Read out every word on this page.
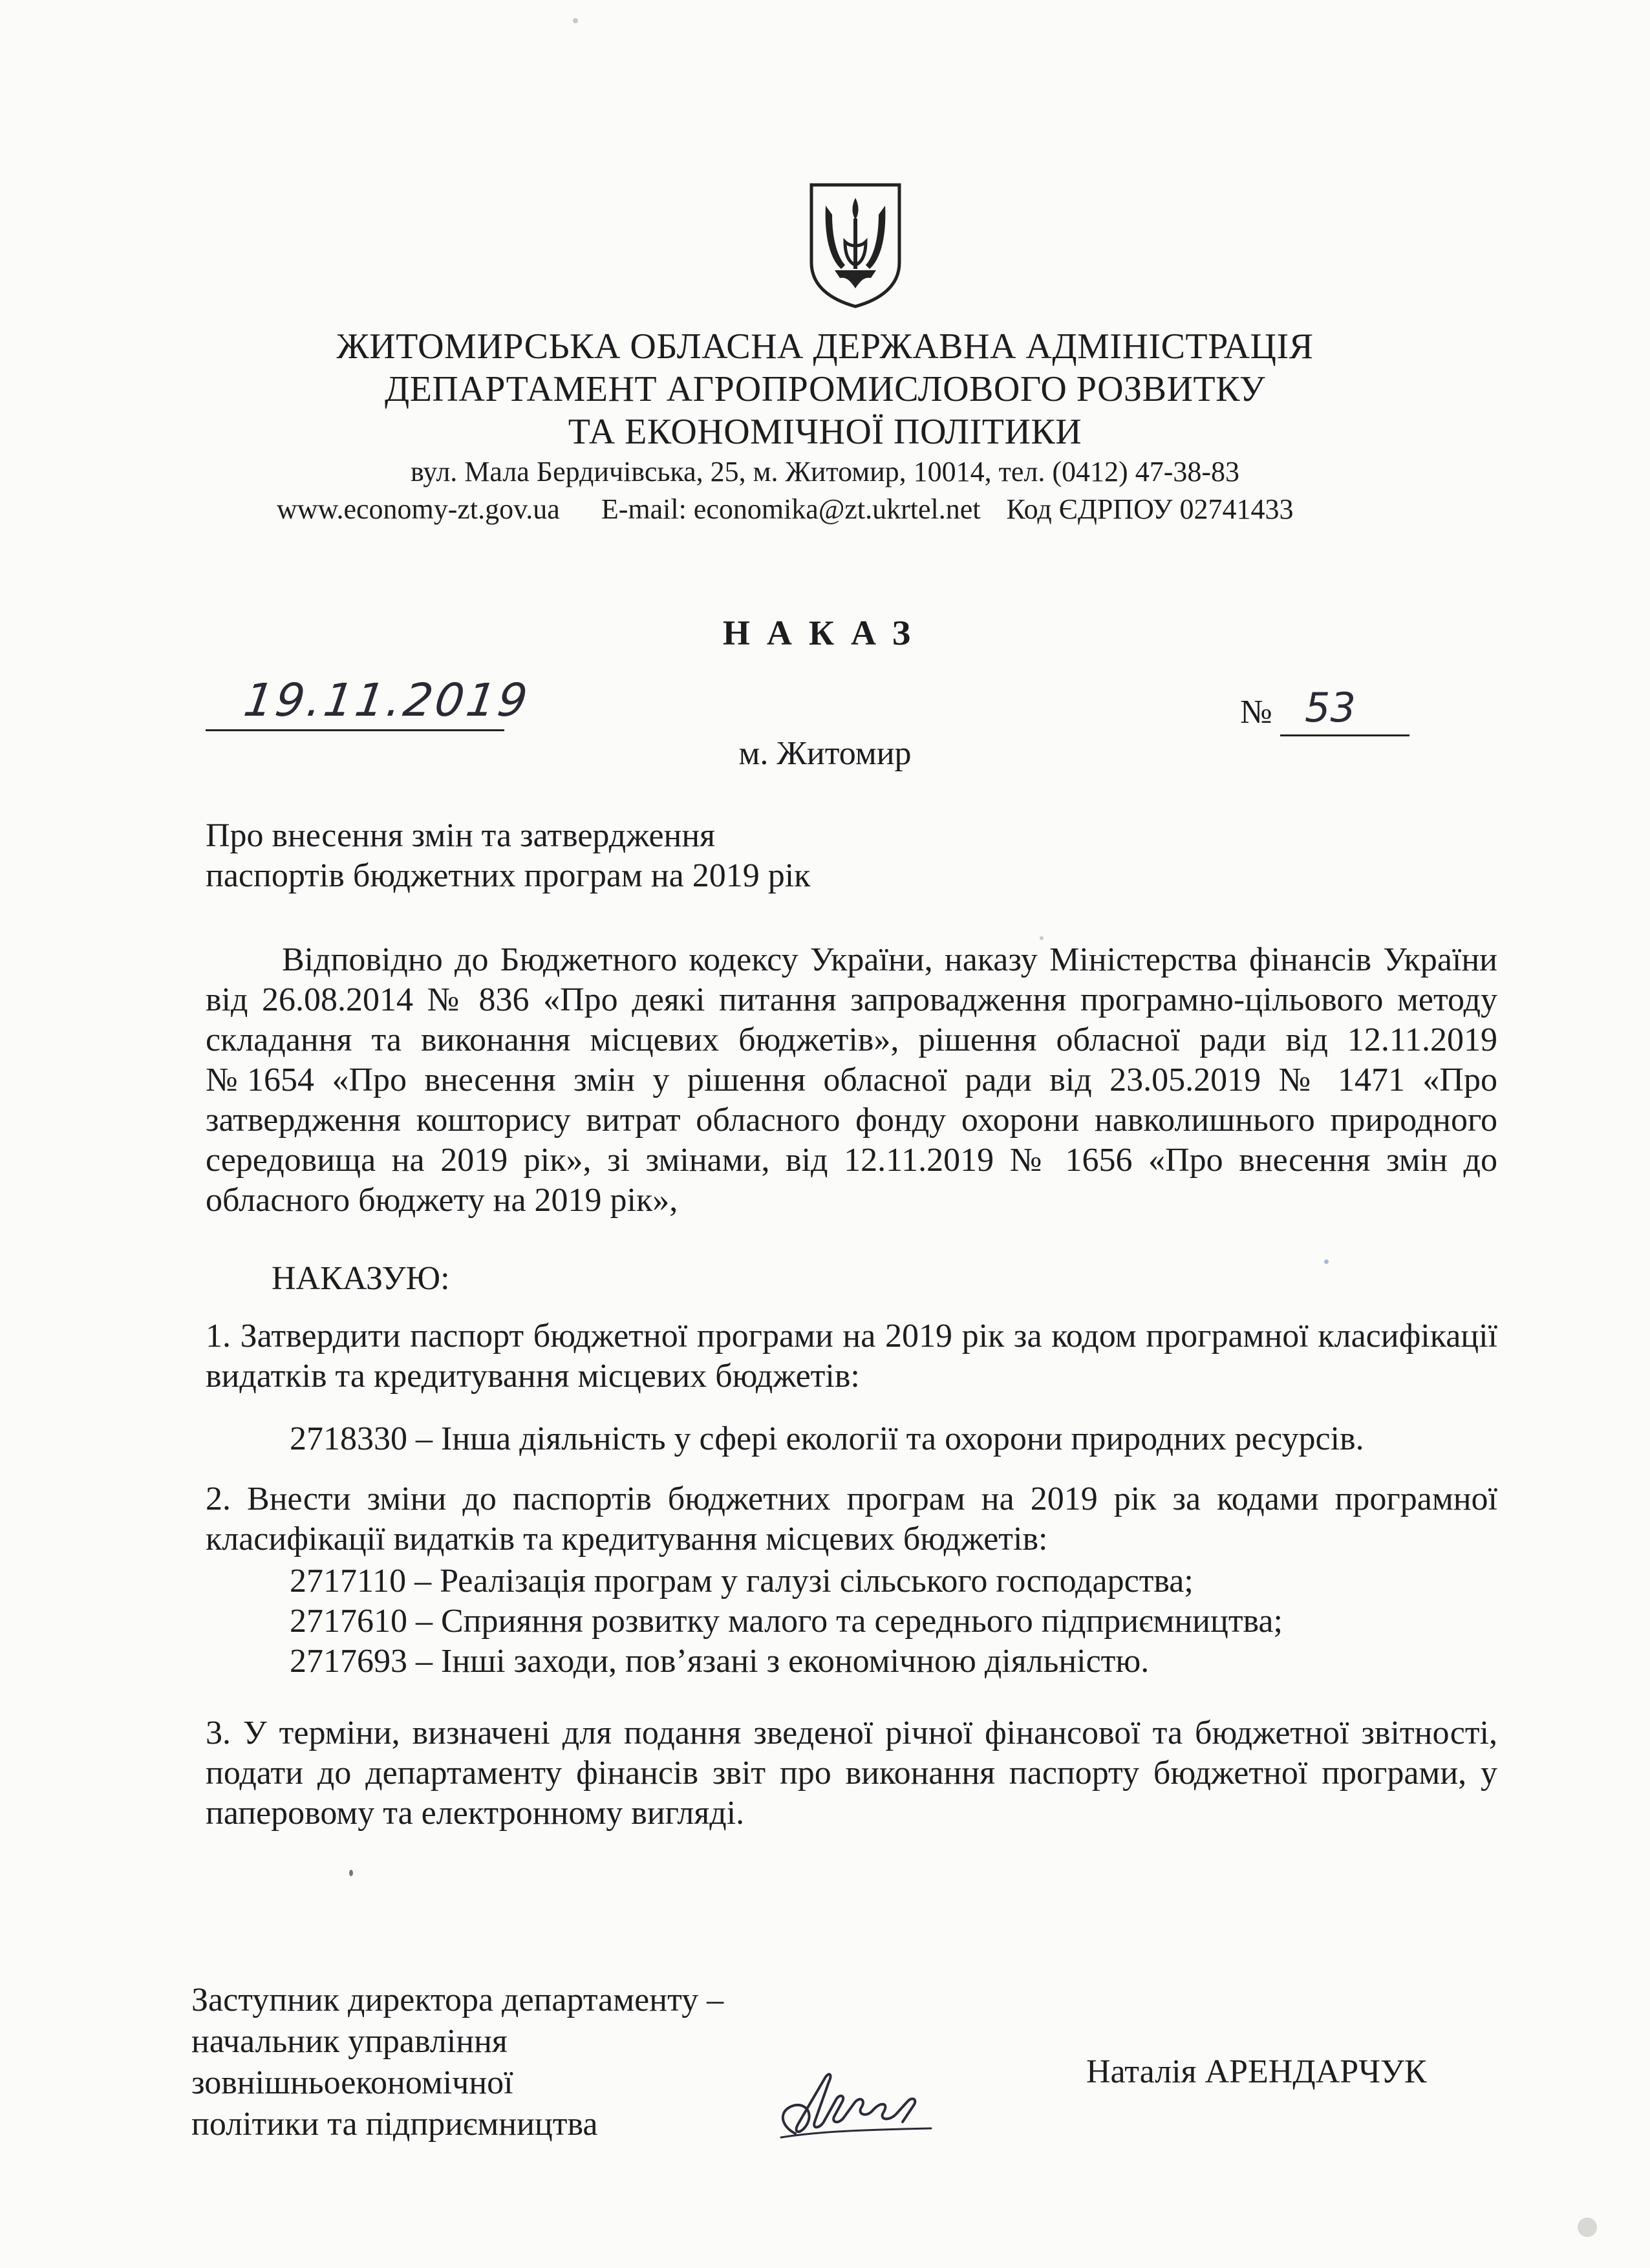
ЖИТОМИРСЬКА ОБЛАСНА ДЕРЖАВНА АДМІНІСТРАЦІЯ
ДЕПАРТАМЕНТ АГРОПРОМИСЛОВОГО РОЗВИТКУ
ТА ЕКОНОМІЧНОЇ ПОЛІТИКИ
вул. Мала Бердичівська, 25, м. Житомир, 10014, тел. (0412) 47-38-83
www.economy-zt.gov.ua E-mail: economika@zt.ukrtel.net Код ЄДРПОУ 02741433
НАКАЗ
19.11.2019	№ 53
м. Житомир
Про внесення змін та затвердження
паспортів бюджетних програм на 2019 рік

Відповідно до Бюджетного кодексу України, наказу Міністерства фінансів України від 26.08.2014 № 836 «Про деякі питання запровадження програмно-цільового методу складання та виконання місцевих бюджетів», рішення обласної ради від 12.11.2019 №1654 «Про внесення змін у рішення обласної ради від 23.05.2019 № 1471 «Про затвердження кошторису витрат обласного фонду охорони навколишнього природного середовища на 2019 рік», зі змінами, від 12.11.2019 № 1656 «Про внесення змін до обласного бюджету на 2019 рік»,

НАКАЗУЮ:

1. Затвердити паспорт бюджетної програми на 2019 рік за кодом програмної класифікації видатків та кредитування місцевих бюджетів:

2718330 – Інша діяльність у сфері екології та охорони природних ресурсів.

2. Внести зміни до паспортів бюджетних програм на 2019 рік за кодами програмної класифікації видатків та кредитування місцевих бюджетів:

2717110 – Реалізація програм у галузі сільського господарства;
2717610 – Сприяння розвитку малого та середнього підприємництва;
2717693 – Інші заходи, пов’язані з економічною діяльністю.

3. У терміни, визначені для подання зведеної річної фінансової та бюджетної звітності, подати до департаменту фінансів звіт про виконання паспорту бюджетної програми, у паперовому та електронному вигляді.

Заступник директора департаменту –
начальник управління
зовнішньоекономічної
політики та підприємництва
Наталія АРЕНДАРЧУК
